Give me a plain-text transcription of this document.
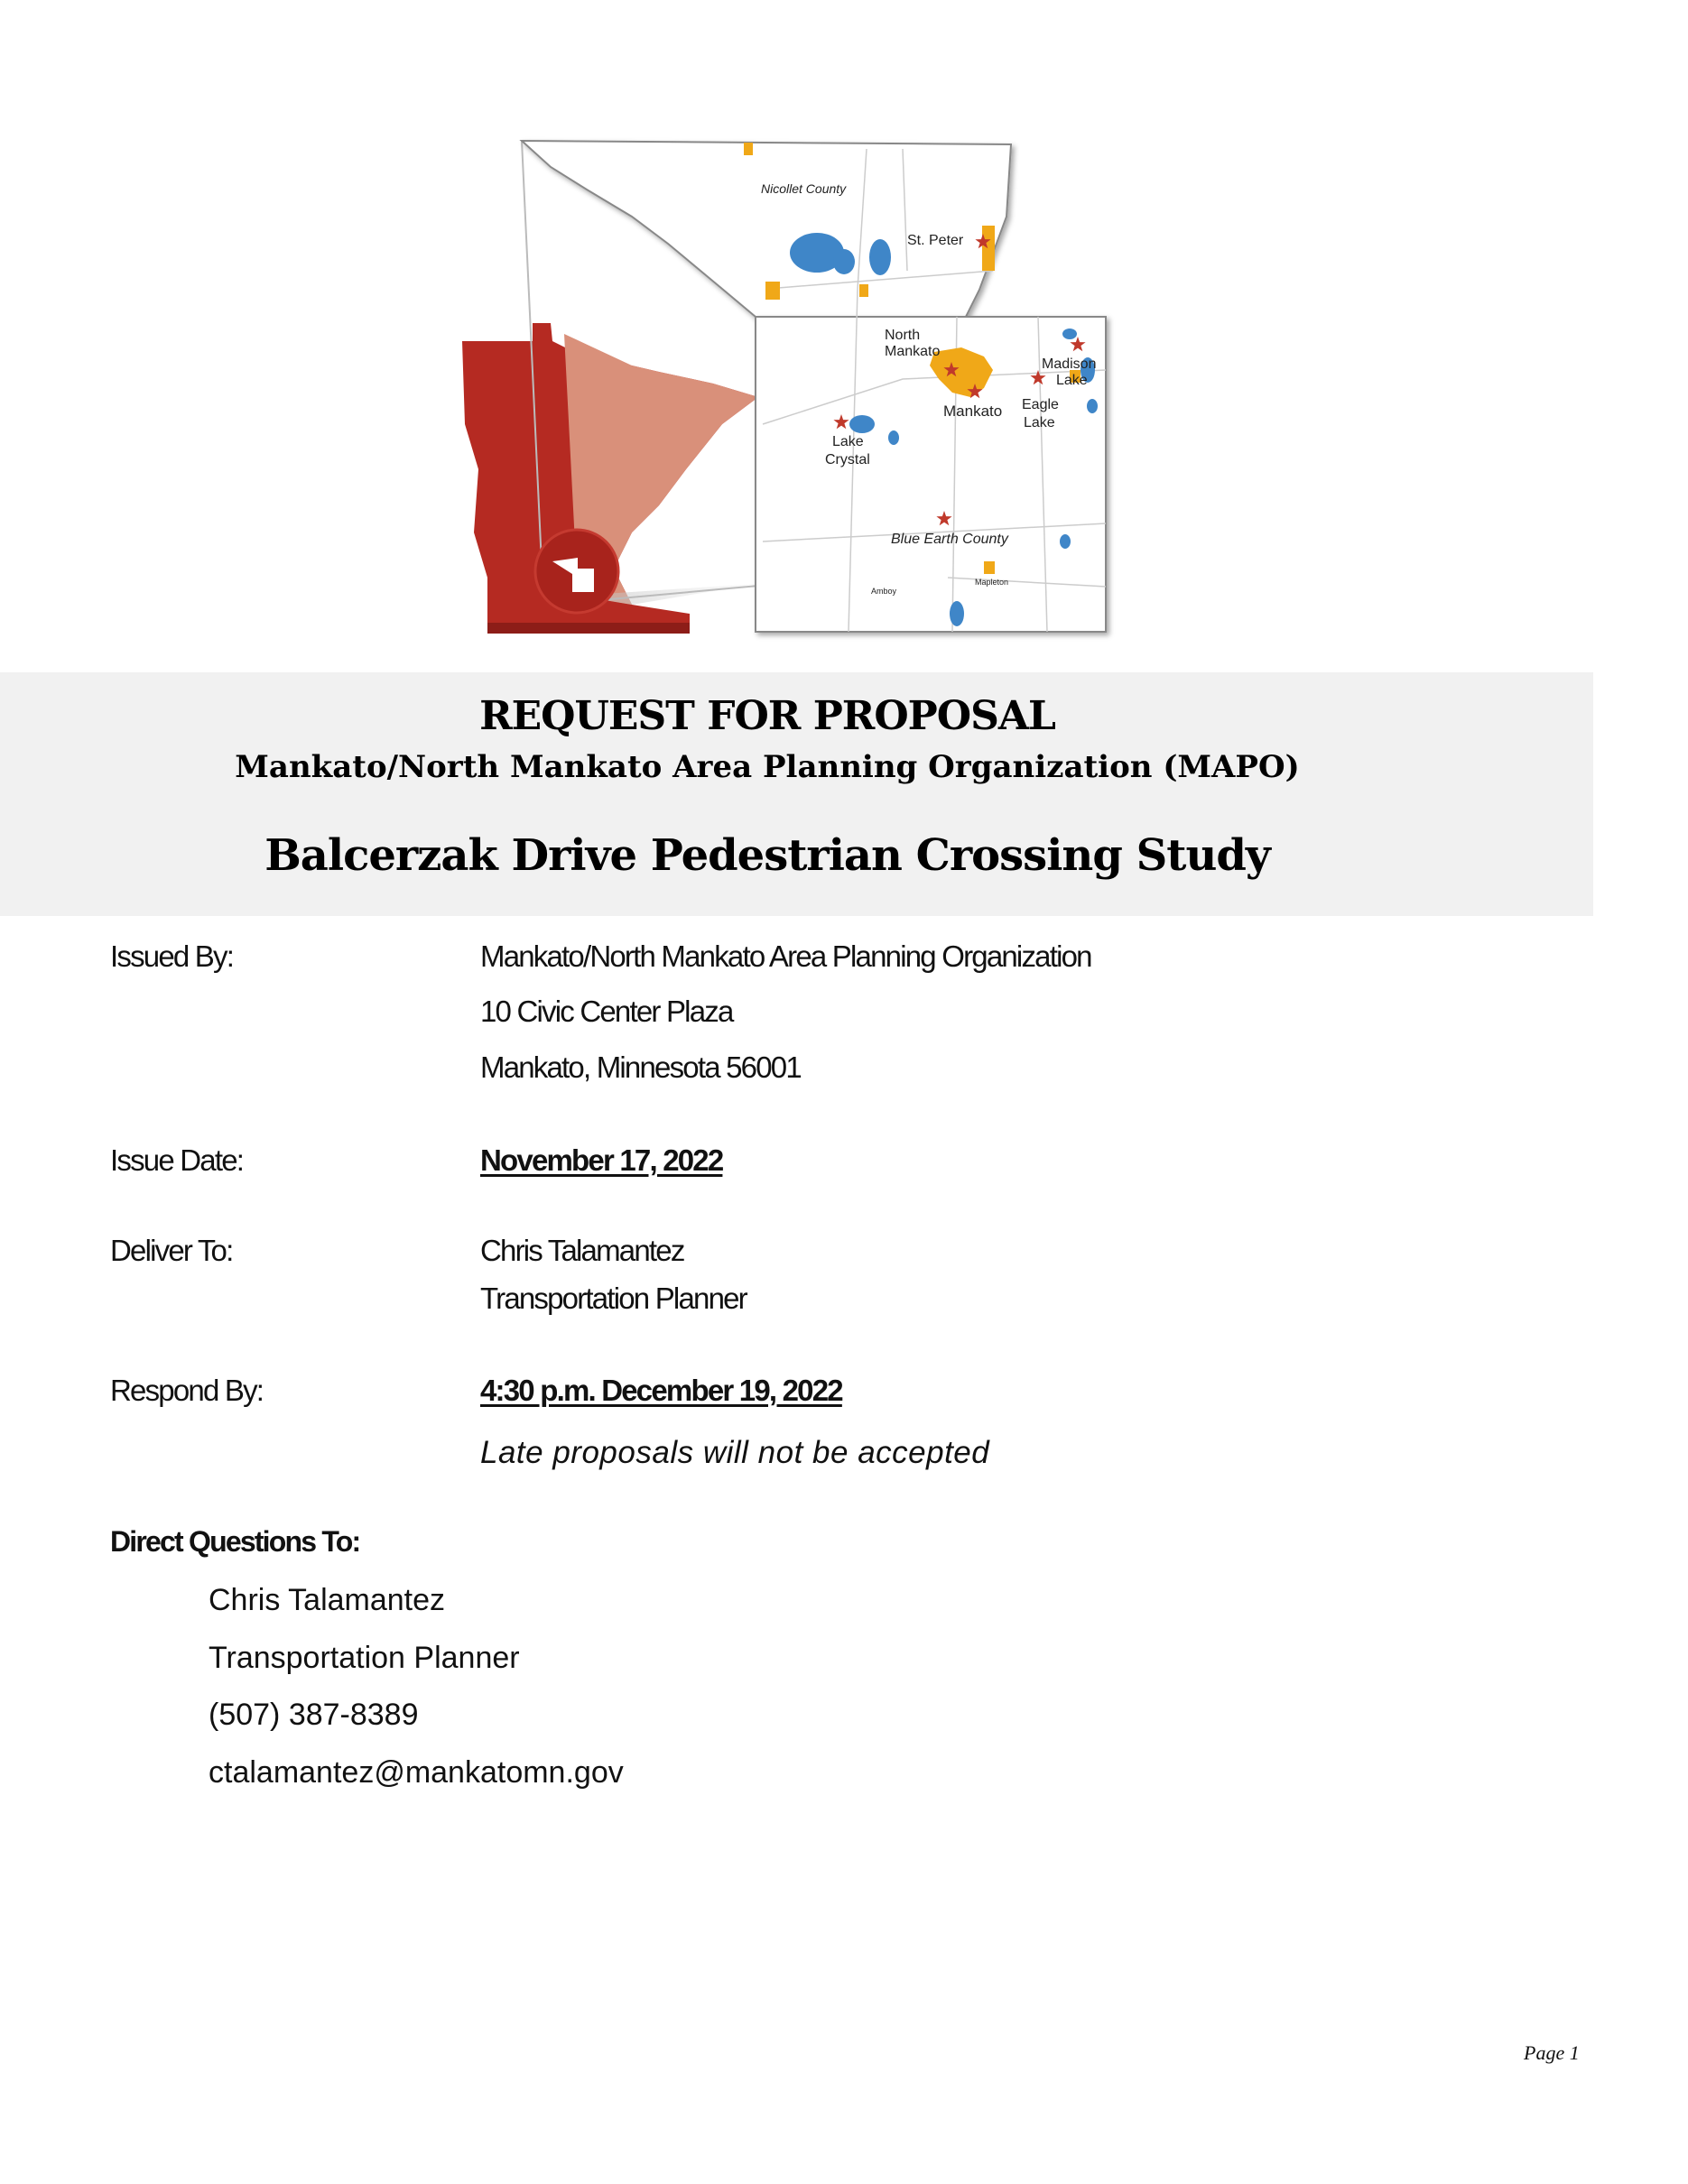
Nicollet County
St. Peter
North
Mankato
Mankato
Madison
Lake
Eagle
Lake
Lake
Crystal
Blue Earth County
Amboy
Mapleton
REQUEST FOR PROPOSAL
Mankato/North Mankato Area Planning Organization (MAPO)
Balcerzak Drive Pedestrian Crossing Study
Issued By:	Mankato/North Mankato Area Planning Organization
10 Civic Center Plaza
Mankato, Minnesota 56001
Issue Date:	November 17, 2022
Deliver To:	Chris Talamantez
Transportation Planner
Respond By:	4:30 p.m. December 19, 2022
Late proposals will not be accepted
Direct Questions To:
Chris Talamantez
Transportation Planner
(507) 387-8389
ctalamantez@mankatomn.gov
Page 1
